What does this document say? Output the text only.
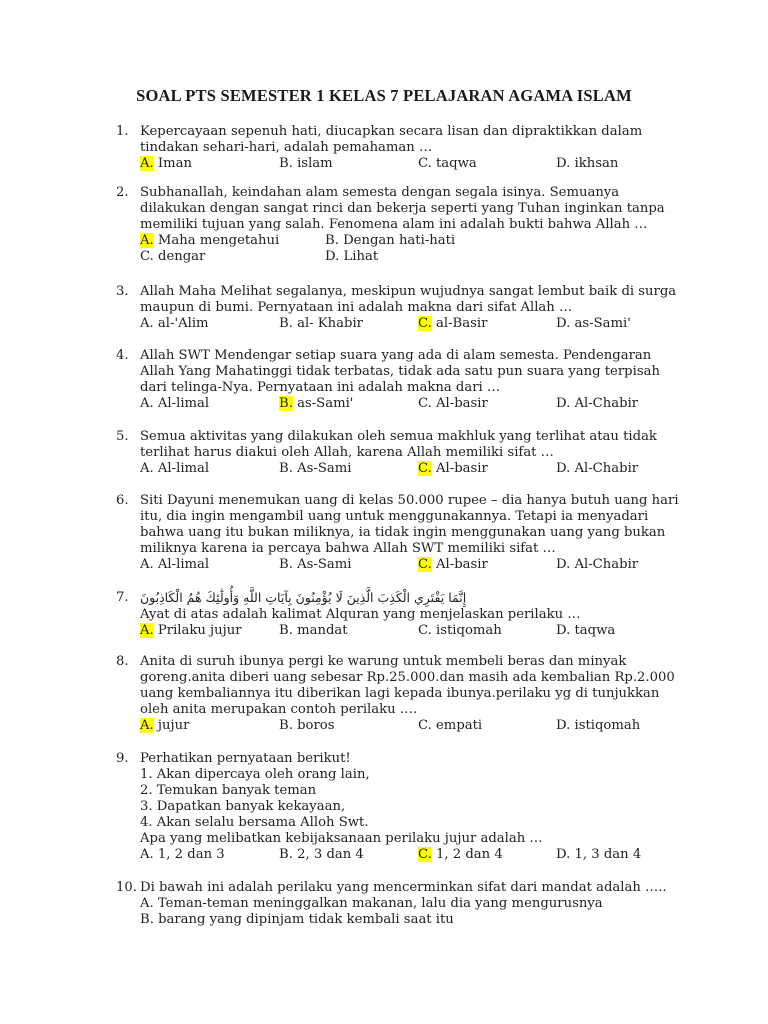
SOAL PTS SEMESTER 1 KELAS 7 PELAJARAN AGAMA ISLAM
1. Kepercayaan sepenuh hati, diucapkan secara lisan dan dipraktikkan dalam
tindakan sehari-hari, adalah pemahaman …
A. Iman	B. islam	C. taqwa	D. ikhsan
2. Subhanallah, keindahan alam semesta dengan segala isinya. Semuanya
dilakukan dengan sangat rinci dan bekerja seperti yang Tuhan inginkan tanpa
memiliki tujuan yang salah. Fenomena alam ini adalah bukti bahwa Allah …
A. Maha mengetahui	B. Dengan hati-hati
C. dengar	D. Lihat
3. Allah Maha Melihat segalanya, meskipun wujudnya sangat lembut baik di surga
maupun di bumi. Pernyataan ini adalah makna dari sifat Allah …
A. al-'Alim	B. al- Khabir	C. al-Basir	D. as-Sami'
4. Allah SWT Mendengar setiap suara yang ada di alam semesta. Pendengaran
Allah Yang Mahatinggi tidak terbatas, tidak ada satu pun suara yang terpisah
dari telinga-Nya. Pernyataan ini adalah makna dari …
A. Al-limal	B. as-Sami'	C. Al-basir	D. Al-Chabir
5. Semua aktivitas yang dilakukan oleh semua makhluk yang terlihat atau tidak
terlihat harus diakui oleh Allah, karena Allah memiliki sifat …
A. Al-limal	B. As-Sami	C. Al-basir	D. Al-Chabir
6. Siti Dayuni menemukan uang di kelas 50.000 rupee – dia hanya butuh uang hari
itu, dia ingin mengambil uang untuk menggunakannya. Tetapi ia menyadari
bahwa uang itu bukan miliknya, ia tidak ingin menggunakan uang yang bukan
miliknya karena ia percaya bahwa Allah SWT memiliki sifat …
A. Al-limal	B. As-Sami	C. Al-basir	D. Al-Chabir
7. إِنَّمَا يَفْتَرِي الْكَذِبَ الَّذِينَ لَا يُؤْمِنُونَ بِآيَاتِ اللَّهِ وَأُولَٰئِكَ هُمُ الْكَاذِبُونَ
Ayat di atas adalah kalimat Alquran yang menjelaskan perilaku …
A. Prilaku jujur	B. mandat	C. istiqomah	D. taqwa
8. Anita di suruh ibunya pergi ke warung untuk membeli beras dan minyak
goreng.anita diberi uang sebesar Rp.25.000.dan masih ada kembalian Rp.2.000
uang kembaliannya itu diberikan lagi kepada ibunya.perilaku yg di tunjukkan
oleh anita merupakan contoh perilaku ….
A. jujur	B. boros	C. empati	D. istiqomah
9. Perhatikan pernyataan berikut!
1. Akan dipercaya oleh orang lain,
2. Temukan banyak teman
3. Dapatkan banyak kekayaan,
4. Akan selalu bersama Alloh Swt.
Apa yang melibatkan kebijaksanaan perilaku jujur adalah …
A. 1, 2 dan 3	B. 2, 3 dan 4	C. 1, 2 dan 4	D. 1, 3 dan 4
10. Di bawah ini adalah perilaku yang mencerminkan sifat dari mandat adalah …..
A. Teman-teman meninggalkan makanan, lalu dia yang mengurusnya
B. barang yang dipinjam tidak kembali saat itu
